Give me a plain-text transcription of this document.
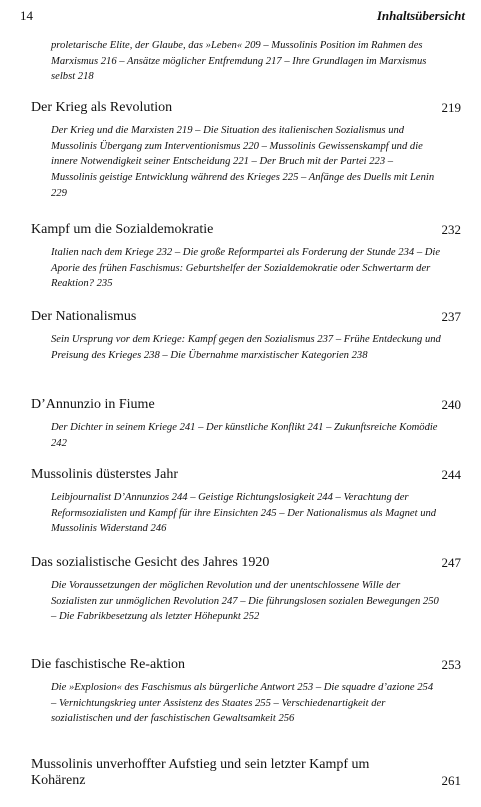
14	Inhaltsübersicht
proletarische Elite, der Glaube, das »Leben« 209 – Mussolinis Position im Rahmen des Marxismus 216 – Ansätze möglicher Entfremdung 217 – Ihre Grundlagen im Marxismus selbst 218
Der Krieg als Revolution	219
Der Krieg und die Marxisten 219 – Die Situation des italienischen Sozialismus und Mussolinis Übergang zum Interventionismus 220 – Mussolinis Gewissenskampf und die innere Notwendigkeit seiner Entscheidung 221 – Der Bruch mit der Partei 223 – Mussolinis geistige Entwicklung während des Krieges 225 – Anfänge des Duells mit Lenin 229
Kampf um die Sozialdemokratie	232
Italien nach dem Kriege 232 – Die große Reformpartei als Forderung der Stunde 234 – Die Aporie des frühen Faschismus: Geburtshelfer der Sozialdemokratie oder Schwertarm der Reaktion? 235
Der Nationalismus	237
Sein Ursprung vor dem Kriege: Kampf gegen den Sozialismus 237 – Frühe Entdeckung und Preisung des Krieges 238 – Die Übernahme marxistischer Kategorien 238
D’Annunzio in Fiume	240
Der Dichter in seinem Kriege 241 – Der künstliche Konflikt 241 – Zukunftsreiche Komödie 242
Mussolinis düsterstes Jahr	244
Leibjournalist D’Annunzios 244 – Geistige Richtungslosigkeit 244 – Verachtung der Reformsozialisten und Kampf für ihre Einsichten 245 – Der Nationalismus als Magnet und Mussolinis Widerstand 246
Das sozialistische Gesicht des Jahres 1920	247
Die Voraussetzungen der möglichen Revolution und der unentschlossene Wille der Sozialisten zur unmöglichen Revolution 247 – Die führungslosen sozialen Bewegungen 250 – Die Fabrikbesetzung als letzter Höhepunkt 252
Die faschistische Re-aktion	253
Die »Explosion« des Faschismus als bürgerliche Antwort 253 – Die squadre d’azione 254 – Vernichtungskrieg unter Assistenz des Staates 255 – Verschiedenartigkeit der sozialistischen und der faschistischen Gewaltsamkeit 256
Mussolinis unverhoffter Aufstieg und sein letzter Kampf um Kohärenz	261
